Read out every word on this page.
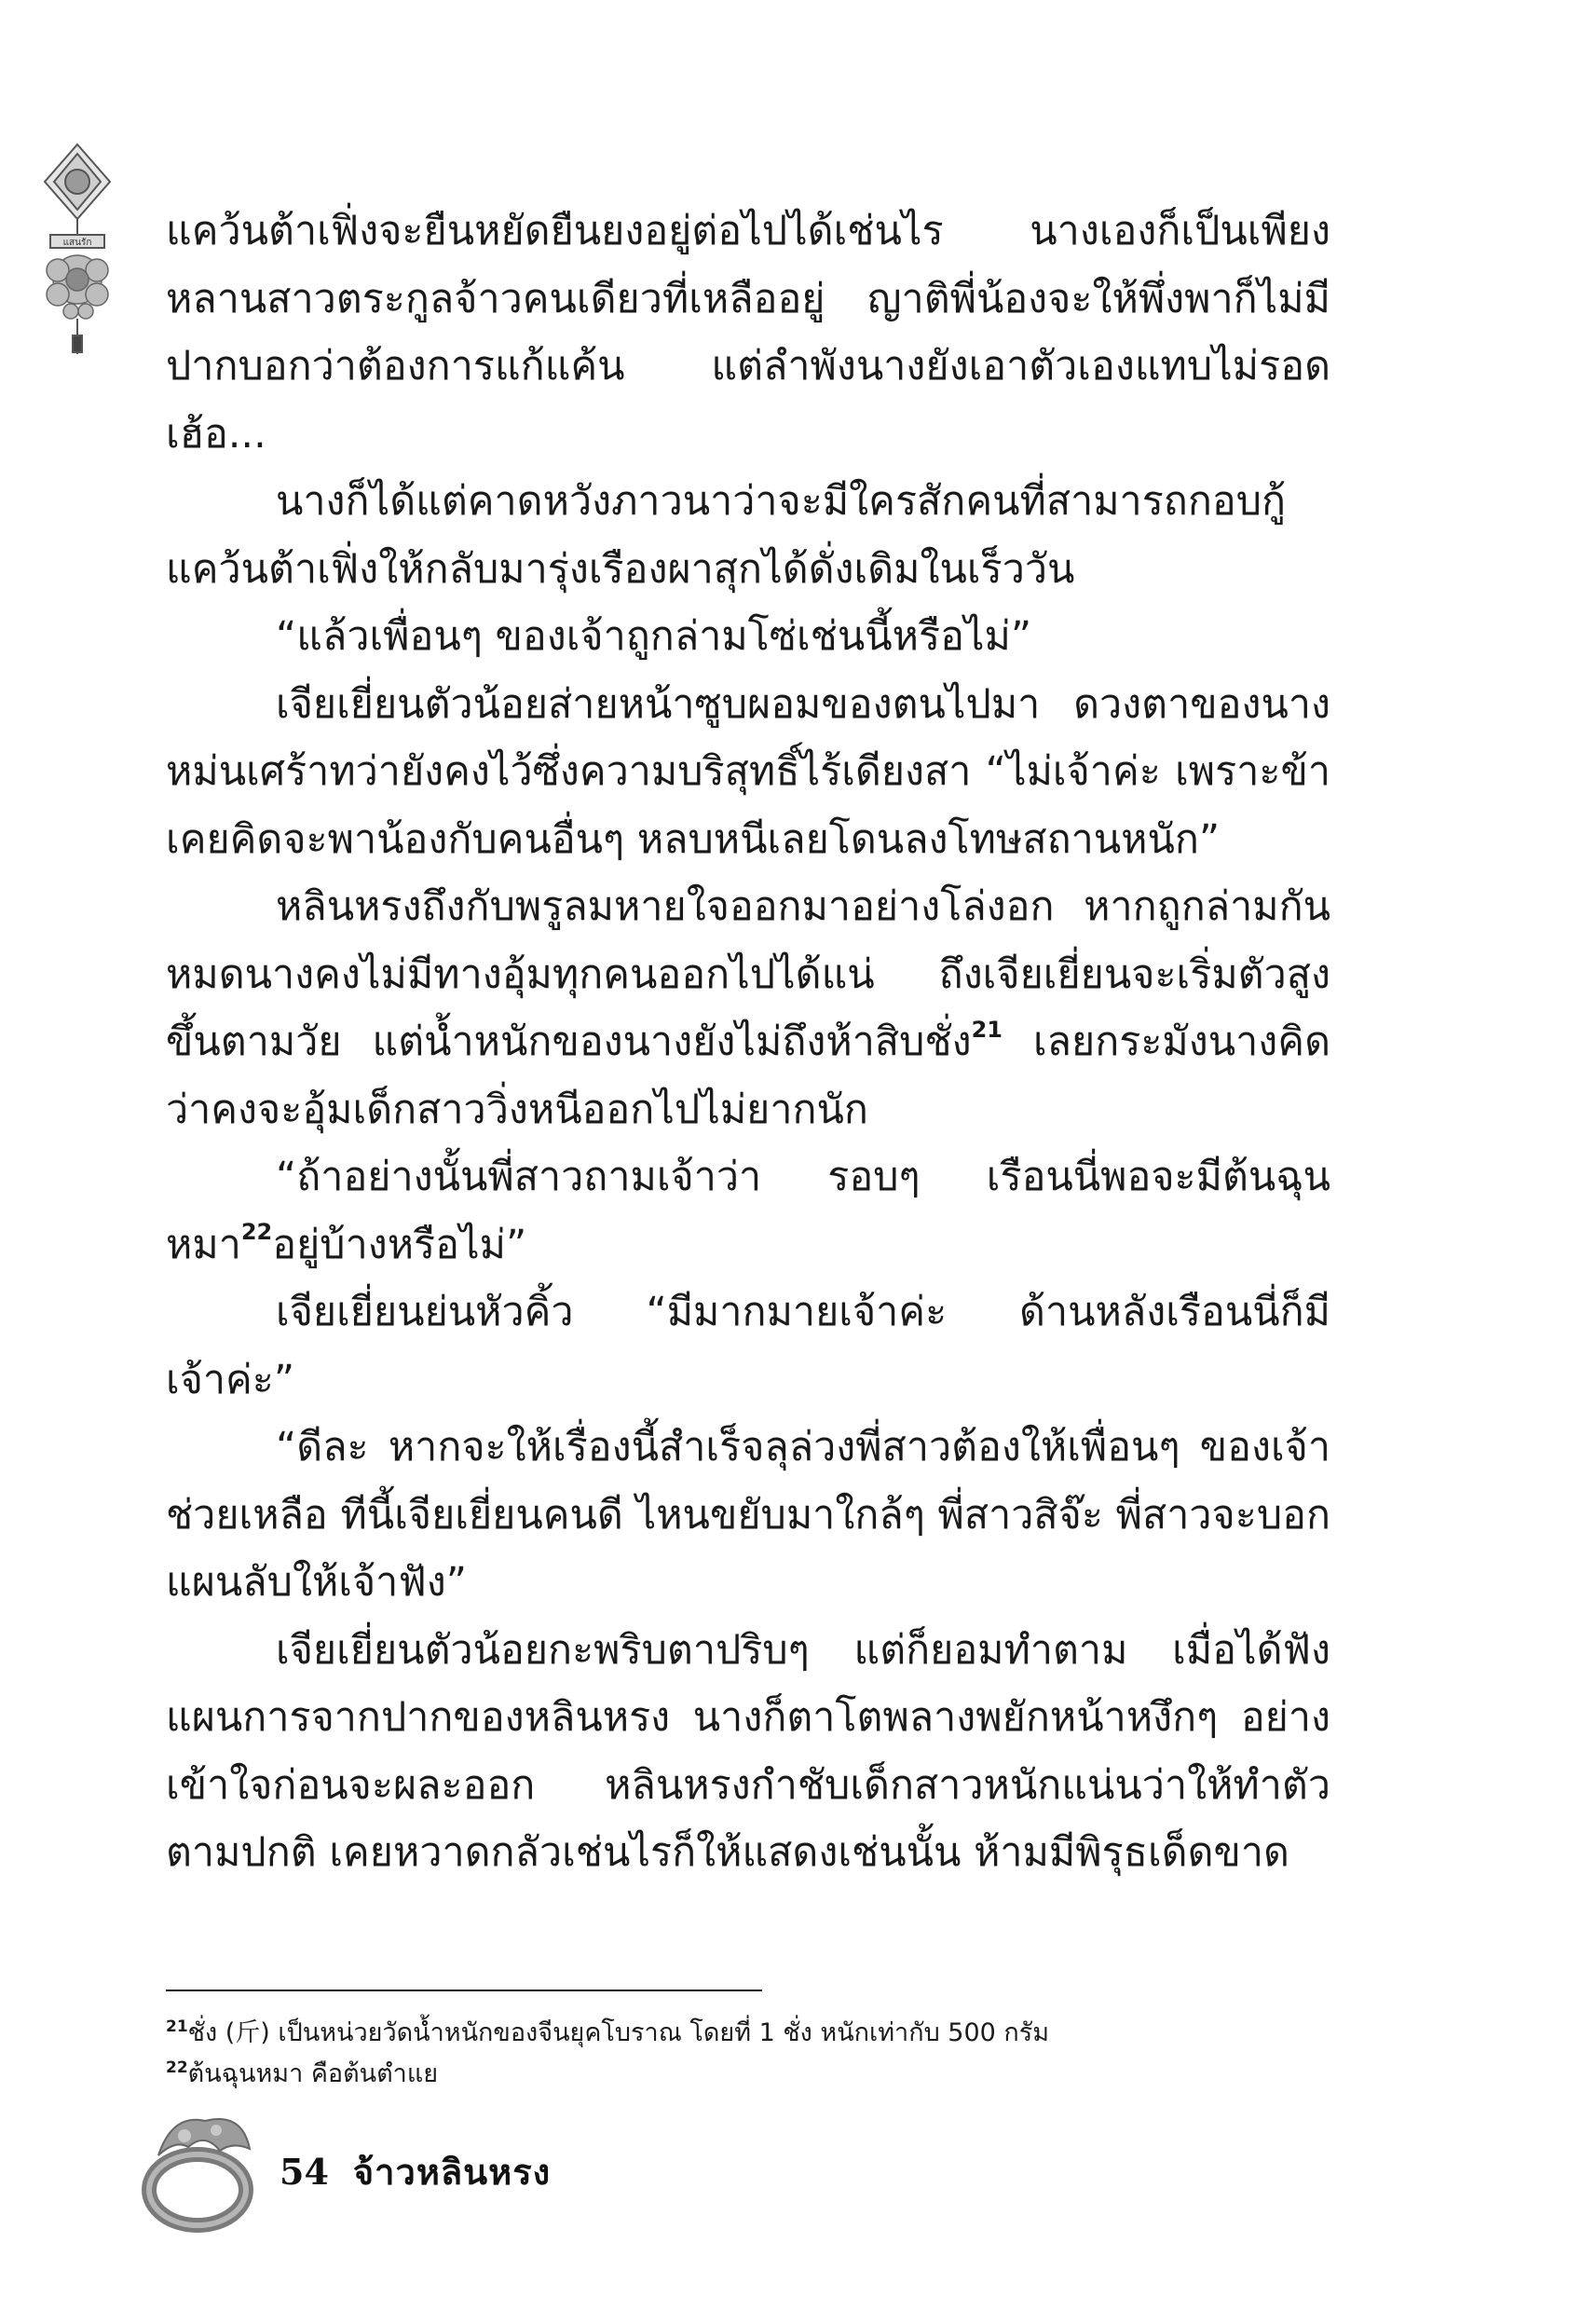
แสนรัก แคว้นต้าเฟิ่งจะยืนหยัดยืนยงอยู่ต่อไปได้เช่นไร นางเองก็เป็นเพียงหลานสาวตระกูลจ้าวคนเดียวที่เหลืออยู่ ญาติพี่น้องจะให้พึ่งพาก็ไม่มี ปากบอกว่าต้องการแก้แค้น แต่ลำพังนางยังเอาตัวเองแทบไม่รอด เฮ้อ...

นางก็ได้แต่คาดหวังภาวนาว่าจะมีใครสักคนที่สามารถกอบกู้แคว้นต้าเฟิ่งให้กลับมารุ่งเรืองผาสุกได้ดั่งเดิมในเร็ววัน

“แล้วเพื่อนๆ ของเจ้าถูกล่ามโซ่เช่นนี้หรือไม่”

เจียเยี่ยนตัวน้อยส่ายหน้าซูบผอมของตนไปมา ดวงตาของนางหม่นเศร้าทว่ายังคงไว้ซึ่งความบริสุทธิ์ไร้เดียงสา “ไม่เจ้าค่ะ เพราะข้าเคยคิดจะพาน้องกับคนอื่นๆ หลบหนีเลยโดนลงโทษสถานหนัก”

หลินหรงถึงกับพรูลมหายใจออกมาอย่างโล่งอก หากถูกล่ามกันหมดนางคงไม่มีทางอุ้มทุกคนออกไปได้แน่ ถึงเจียเยี่ยนจะเริ่มตัวสูงขึ้นตามวัย แต่น้ำหนักของนางยังไม่ถึงห้าสิบชั่ง$^{21}$ เลยกระมังนางคิดว่าคงจะอุ้มเด็กสาววิ่งหนีออกไปไม่ยากนัก

“ถ้าอย่างนั้นพี่สาวถามเจ้าว่า รอบๆ เรือนนี่พอจะมีต้นฉุนหมา$^{22}$อยู่บ้างหรือไม่”

เจียเยี่ยนย่นหัวคิ้ว “มีมากมายเจ้าค่ะ ด้านหลังเรือนนี่ก็มีเจ้าค่ะ”

“ดีละ หากจะให้เรื่องนี้สำเร็จลุล่วงพี่สาวต้องให้เพื่อนๆ ของเจ้าช่วยเหลือ ทีนี้เจียเยี่ยนคนดี ไหนขยับมาใกล้ๆ พี่สาวสิจ๊ะ พี่สาวจะบอกแผนลับให้เจ้าฟัง”

เจียเยี่ยนตัวน้อยกะพริบตาปริบๆ แต่ก็ยอมทำตาม เมื่อได้ฟังแผนการจากปากของหลินหรง นางก็ตาโตพลางพยักหน้าหงึกๆ อย่างเข้าใจก่อนจะผละออก หลินหรงกำชับเด็กสาวหนักแน่นว่าให้ทำตัวตามปกติ เคยหวาดกลัวเช่นไรก็ให้แสดงเช่นนั้น ห้ามมีพิรุธเด็ดขาด

$^{21}$ชั่ง (斤) เป็นหน่วยวัดน้ำหนักของจีนยุคโบราณ โดยที่ 1 ชั่ง หนักเท่ากับ 500 กรัม
$^{22}$ต้นฉุนหมา คือต้นตำแย
54 จ้าวหลินหรง
